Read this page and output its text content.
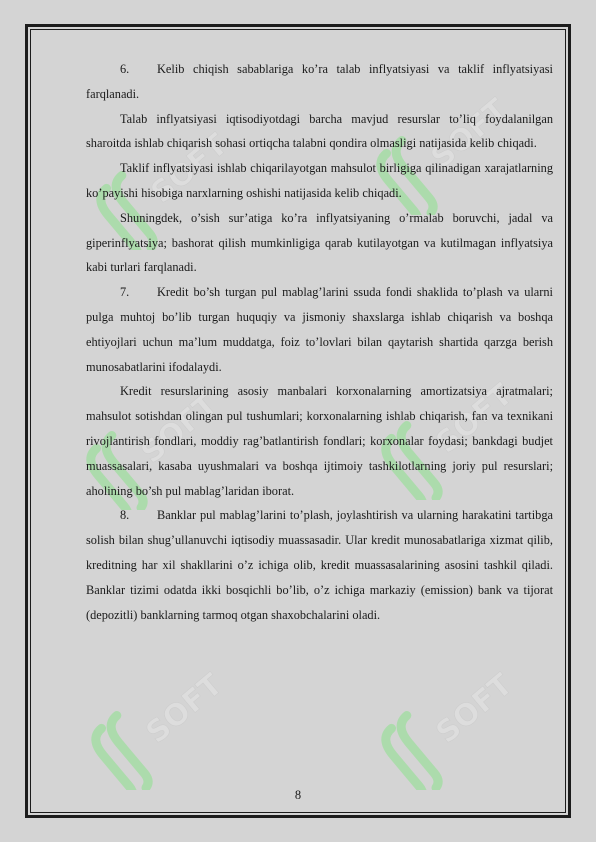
SOFT	SOFT
SOFT	SOFT
SOFT	SOFT

6. Kelib chiqish sabablariga ko’ra talab inflyatsiyasi va taklif inflyatsiyasi farqlanadi.

Talab inflyatsiyasi iqtisodiyotdagi barcha mavjud resurslar to’liq foydalanilgan sharoitda ishlab chiqarish sohasi ortiqcha talabni qondira olmasligi natijasida kelib chiqadi.

Taklif inflyatsiyasi ishlab chiqarilayotgan mahsulot birligiga qilinadigan xarajatlarning ko’payishi hisobiga narxlarning oshishi natijasida kelib chiqadi.

Shuningdek, o’sish sur’atiga ko’ra inflyatsiyaning o’rmalab boruvchi, jadal va giperinflyatsiya; bashorat qilish mumkinligiga qarab kutilayotgan va kutilmagan inflyatsiya kabi turlari farqlanadi.

7. Kredit bo’sh turgan pul mablag’larini ssuda fondi shaklida to’plash va ularni pulga muhtoj bo’lib turgan huquqiy va jismoniy shaxslarga ishlab chiqarish va boshqa ehtiyojlari uchun ma’lum muddatga, foiz to’lovlari bilan qaytarish shartida qarzga berish munosabatlarini ifodalaydi.

Kredit resurslarining asosiy manbalari korxonalarning amortizatsiya ajratmalari; mahsulot sotishdan olingan pul tushumlari; korxonalarning ishlab chiqarish, fan va texnikani rivojlantirish fondlari, moddiy rag’batlantirish fondlari; korxonalar foydasi; bankdagi budjet muassasalari, kasaba uyushmalari va boshqa ijtimoiy tashkilotlarning joriy pul resurslari; aholining bo’sh pul mablag’laridan iborat.

8. Banklar pul mablag’larini to’plash, joylashtirish va ularning harakatini tartibga solish bilan shug’ullanuvchi iqtisodiy muassasadir. Ular kredit munosabatlariga xizmat qilib, kreditning har xil shakllarini o’z ichiga olib, kredit muassasalarining asosini tashkil qiladi. Banklar tizimi odatda ikki bosqichli bo’lib, o’z ichiga markaziy (emission) bank va tijorat (depozitli) banklarning tarmoq otgan shaxobchalarini oladi.

8
